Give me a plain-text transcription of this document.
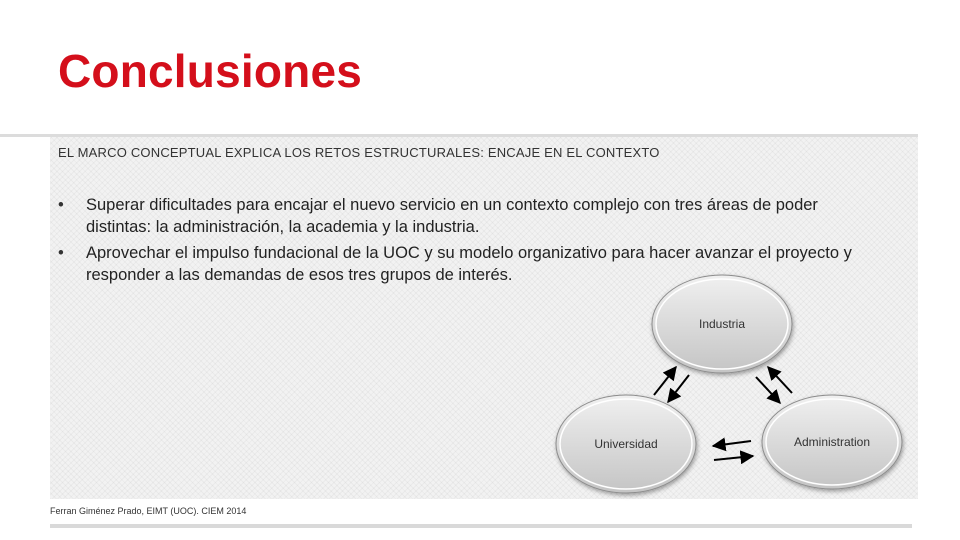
Conclusiones
EL MARCO CONCEPTUAL EXPLICA LOS RETOS ESTRUCTURALES: ENCAJE EN EL CONTEXTO
• Superar dificultades para encajar el nuevo servicio en un contexto complejo con tres áreas de poder distintas: la administración, la academia y la industria.
• Aprovechar el impulso fundacional de la UOC y su modelo organizativo para hacer avanzar el proyecto y responder a las demandas de esos tres grupos de interés.
Industria
Universidad	Administration
Ferran Giménez Prado, EIMT (UOC). CIEM 2014
